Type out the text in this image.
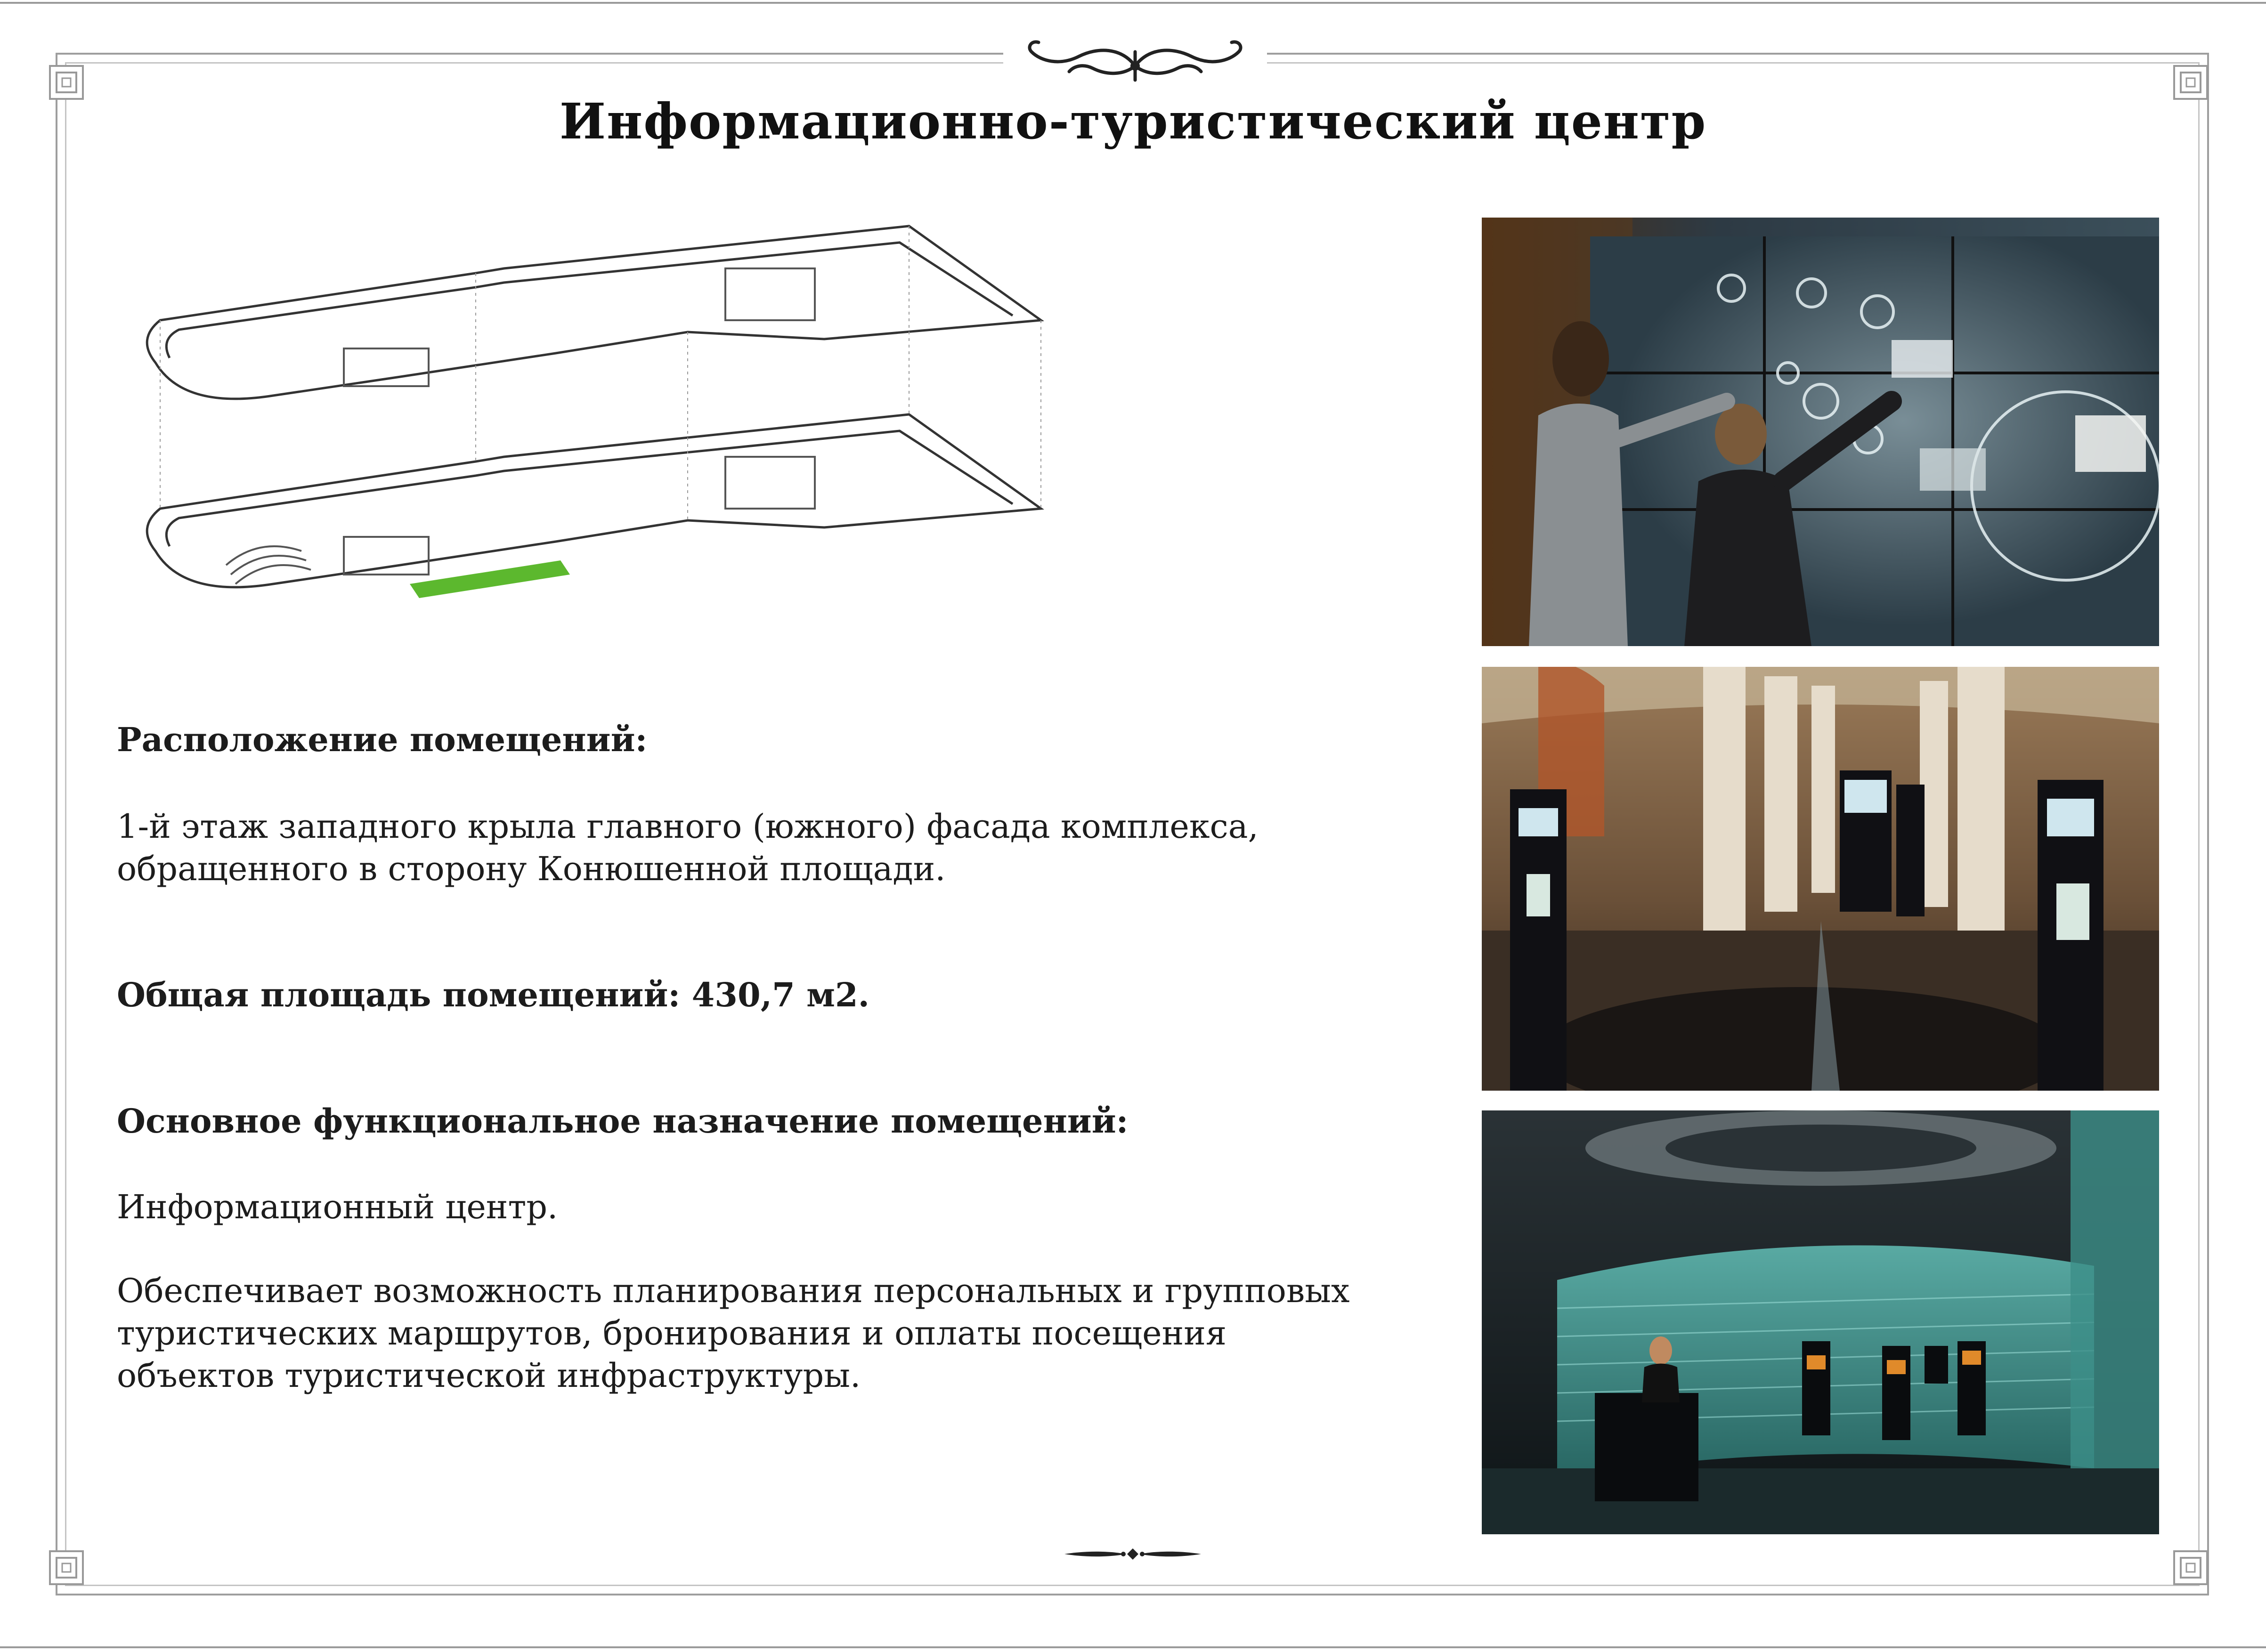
Информационно-туристический центр
Расположение помещений:
1-й этаж западного крыла главного (южного) фасада комплекса,
обращенного в сторону Конюшенной площади.
Общая площадь помещений: 430,7 м2.
Основное функциональное назначение помещений:
Информационный центр.
Обеспечивает возможность планирования персональных и групповых
туристических маршрутов, бронирования и оплаты посещения
объектов туристической инфраструктуры.
